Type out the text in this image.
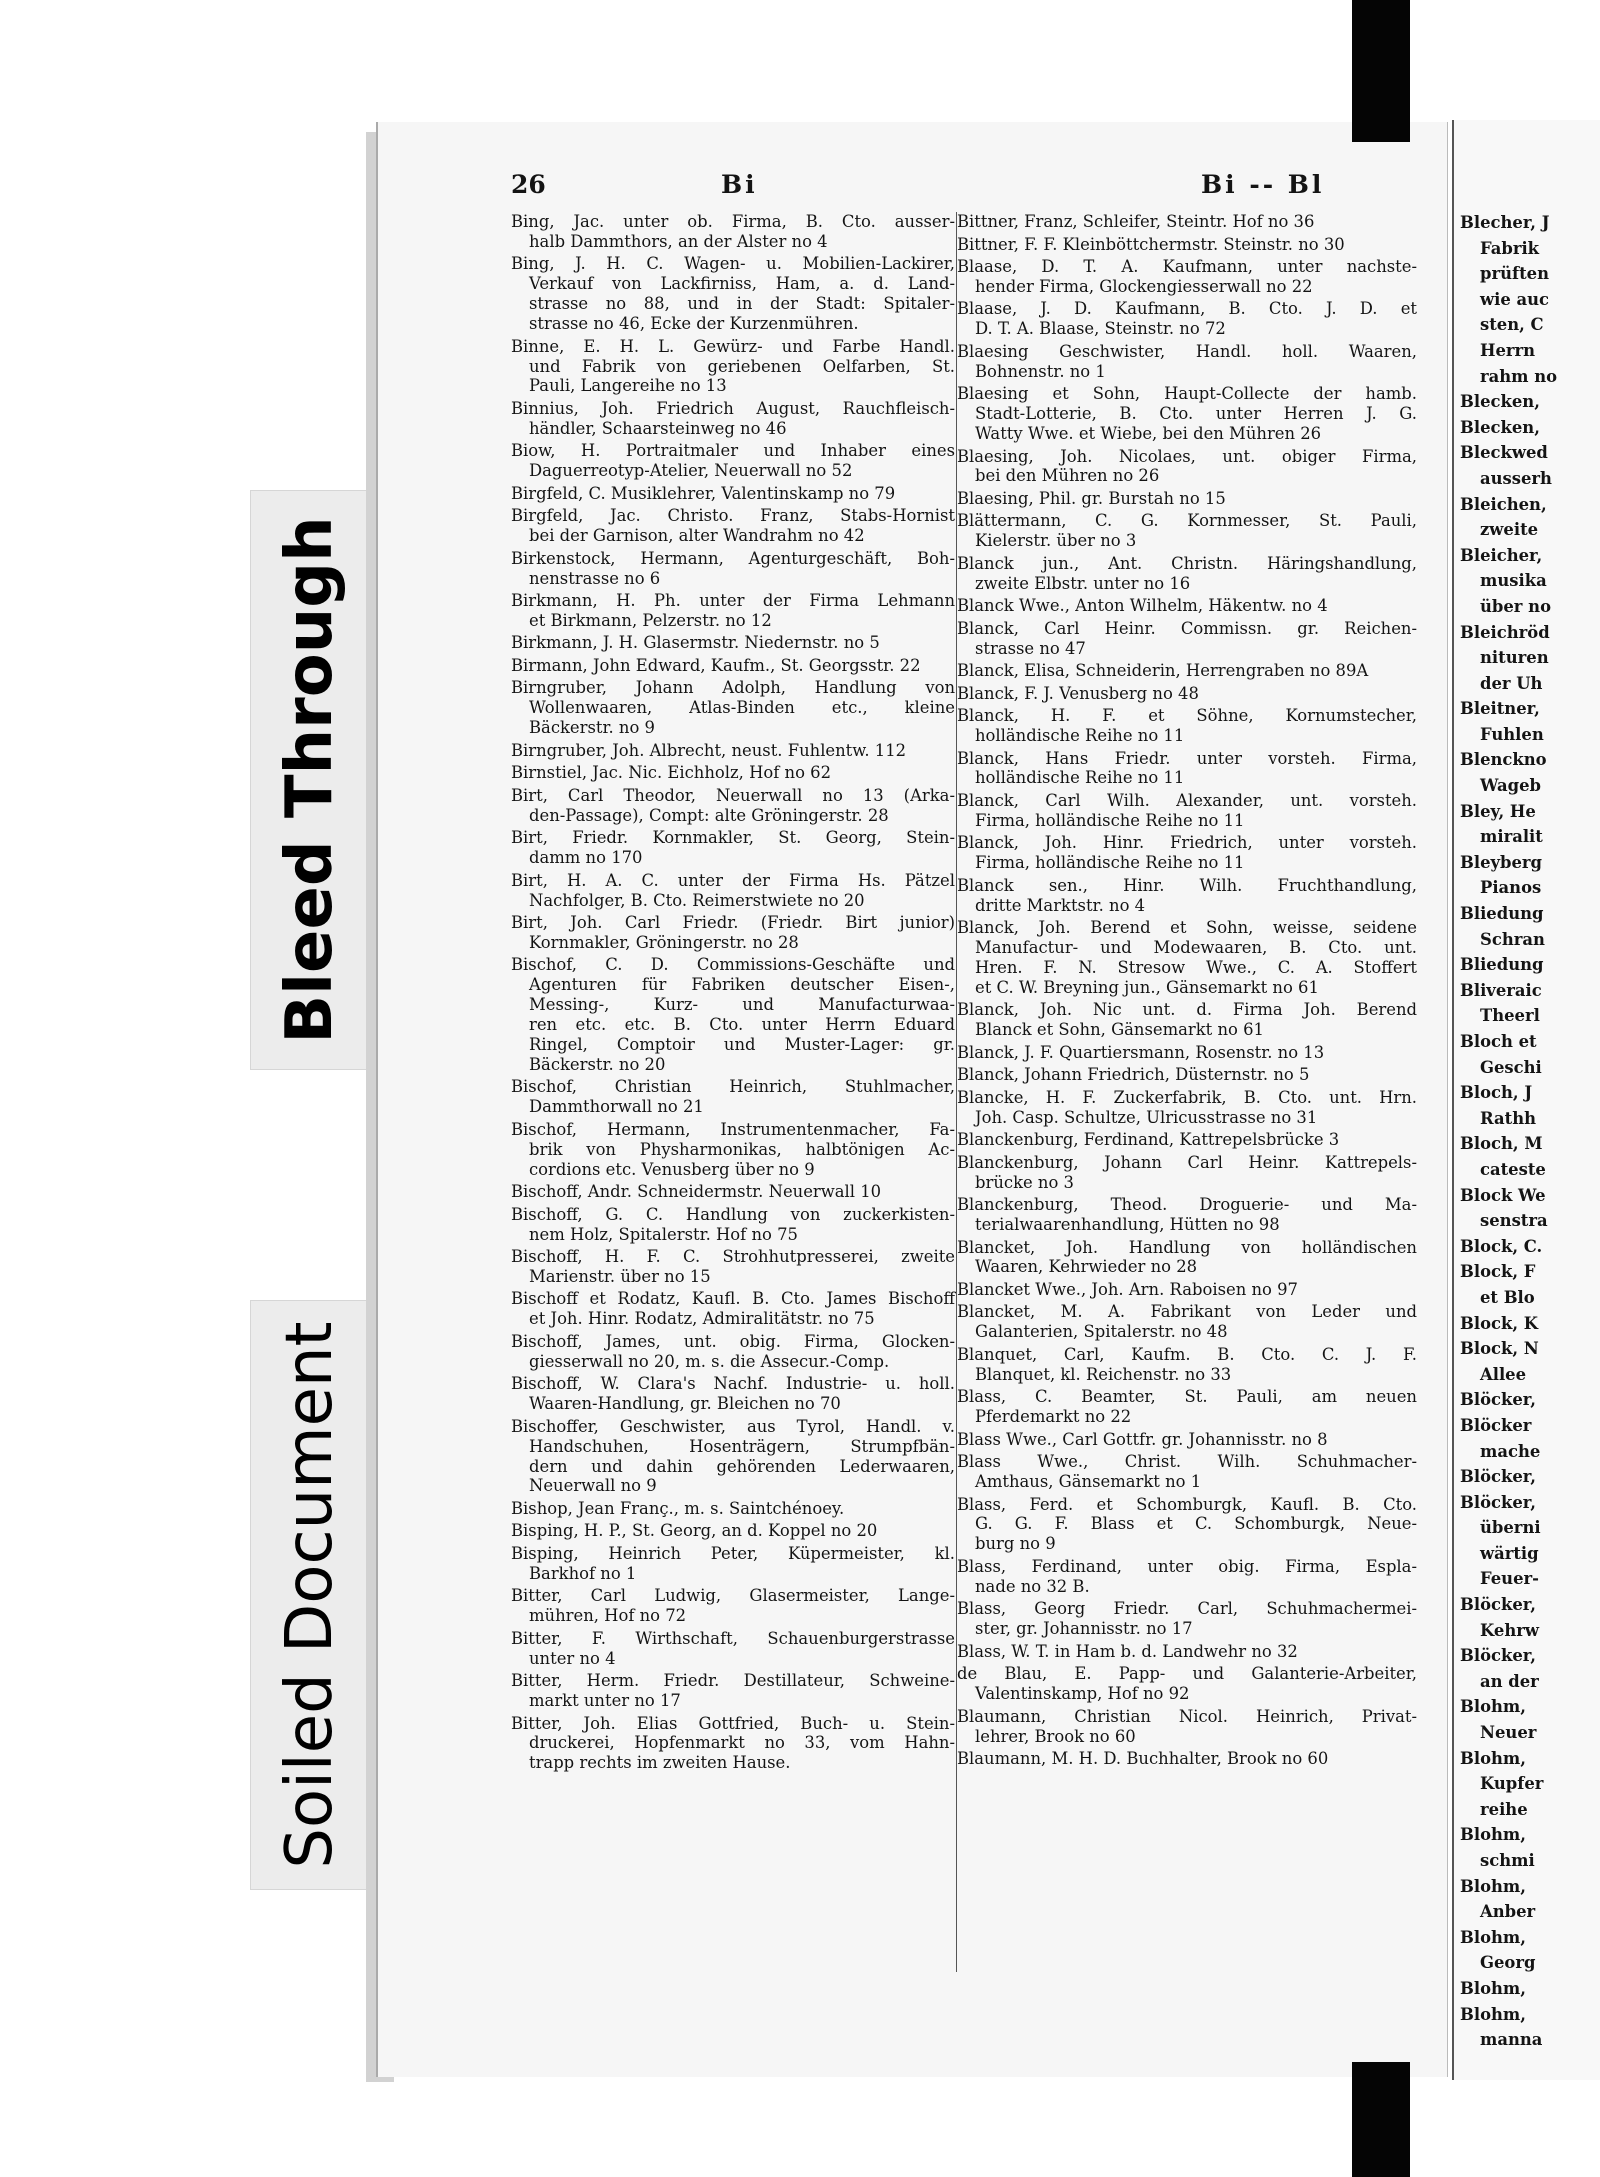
Bleed Through
Soiled Document
26	Bi	Bi -- Bl
Bing, Jac. unter ob. Firma, B. Cto. ausser-
halb Dammthors, an der Alster no 4
Bing, J. H. C. Wagen- u. Mobilien-Lackirer,
Verkauf von Lackfirniss, Ham, a. d. Land-
strasse no 88, und in der Stadt: Spitaler-
strasse no 46, Ecke der Kurzenmühren.
Binne, E. H. L. Gewürz- und Farbe Handl.
und Fabrik von geriebenen Oelfarben, St.
Pauli, Langereihe no 13
Binnius, Joh. Friedrich August, Rauchfleisch-
händler, Schaarsteinweg no 46
Biow, H. Portraitmaler und Inhaber eines
Daguerreotyp-Atelier, Neuerwall no 52
Birgfeld, C. Musiklehrer, Valentinskamp no 79
Birgfeld, Jac. Christo. Franz, Stabs-Hornist
bei der Garnison, alter Wandrahm no 42
Birkenstock, Hermann, Agenturgeschäft, Boh-
nenstrasse no 6
Birkmann, H. Ph. unter der Firma Lehmann
et Birkmann, Pelzerstr. no 12
Birkmann, J. H. Glasermstr. Niedernstr. no 5
Birmann, John Edward, Kaufm., St. Georgsstr. 22
Birngruber, Johann Adolph, Handlung von
Wollenwaaren, Atlas-Binden etc., kleine
Bäckerstr. no 9
Birngruber, Joh. Albrecht, neust. Fuhlentw. 112
Birnstiel, Jac. Nic. Eichholz, Hof no 62
Birt, Carl Theodor, Neuerwall no 13 (Arka-
den-Passage), Compt: alte Gröningerstr. 28
Birt, Friedr. Kornmakler, St. Georg, Stein-
damm no 170
Birt, H. A. C. unter der Firma Hs. Pätzel
Nachfolger, B. Cto. Reimerstwiete no 20
Birt, Joh. Carl Friedr. (Friedr. Birt junior)
Kornmakler, Gröningerstr. no 28
Bischof, C. D. Commissions-Geschäfte und
Agenturen für Fabriken deutscher Eisen-,
Messing-, Kurz- und Manufacturwaa-
ren etc. etc. B. Cto. unter Herrn Eduard
Ringel, Comptoir und Muster-Lager: gr.
Bäckerstr. no 20
Bischof, Christian Heinrich, Stuhlmacher,
Dammthorwall no 21
Bischof, Hermann, Instrumentenmacher, Fa-
brik von Physharmonikas, halbtönigen Ac-
cordions etc. Venusberg über no 9
Bischoff, Andr. Schneidermstr. Neuerwall 10
Bischoff, G. C. Handlung von zuckerkisten-
nem Holz, Spitalerstr. Hof no 75
Bischoff, H. F. C. Strohhutpresserei, zweite
Marienstr. über no 15
Bischoff et Rodatz, Kaufl. B. Cto. James Bischoff
et Joh. Hinr. Rodatz, Admiralitätstr. no 75
Bischoff, James, unt. obig. Firma, Glocken-
giesserwall no 20, m. s. die Assecur.-Comp.
Bischoff, W. Clara's Nachf. Industrie- u. holl.
Waaren-Handlung, gr. Bleichen no 70
Bischoffer, Geschwister, aus Tyrol, Handl. v.
Handschuhen, Hosenträgern, Strumpfbän-
dern und dahin gehörenden Lederwaaren,
Neuerwall no 9
Bishop, Jean Franç., m. s. Saintchénoey.
Bisping, H. P., St. Georg, an d. Koppel no 20
Bisping, Heinrich Peter, Küpermeister, kl.
Barkhof no 1
Bitter, Carl Ludwig, Glasermeister, Lange-
mühren, Hof no 72
Bitter, F. Wirthschaft, Schauenburgerstrasse
unter no 4
Bitter, Herm. Friedr. Destillateur, Schweine-
markt unter no 17
Bitter, Joh. Elias Gottfried, Buch- u. Stein-
druckerei, Hopfenmarkt no 33, vom Hahn-
trapp rechts im zweiten Hause.
Bittner, Franz, Schleifer, Steintr. Hof no 36
Bittner, F. F. Kleinböttchermstr. Steinstr. no 30
Blaase, D. T. A. Kaufmann, unter nachste-
hender Firma, Glockengiesserwall no 22
Blaase, J. D. Kaufmann, B. Cto. J. D. et
D. T. A. Blaase, Steinstr. no 72
Blaesing Geschwister, Handl. holl. Waaren,
Bohnenstr. no 1
Blaesing et Sohn, Haupt-Collecte der hamb.
Stadt-Lotterie, B. Cto. unter Herren J. G.
Watty Wwe. et Wiebe, bei den Mühren 26
Blaesing, Joh. Nicolaes, unt. obiger Firma,
bei den Mühren no 26
Blaesing, Phil. gr. Burstah no 15
Blättermann, C. G. Kornmesser, St. Pauli,
Kielerstr. über no 3
Blanck jun., Ant. Christn. Häringshandlung,
zweite Elbstr. unter no 16
Blanck Wwe., Anton Wilhelm, Häkentw. no 4
Blanck, Carl Heinr. Commissn. gr. Reichen-
strasse no 47
Blanck, Elisa, Schneiderin, Herrengraben no 89A
Blanck, F. J. Venusberg no 48
Blanck, H. F. et Söhne, Kornumstecher,
holländische Reihe no 11
Blanck, Hans Friedr. unter vorsteh. Firma,
holländische Reihe no 11
Blanck, Carl Wilh. Alexander, unt. vorsteh.
Firma, holländische Reihe no 11
Blanck, Joh. Hinr. Friedrich, unter vorsteh.
Firma, holländische Reihe no 11
Blanck sen., Hinr. Wilh. Fruchthandlung,
dritte Marktstr. no 4
Blanck, Joh. Berend et Sohn, weisse, seidene
Manufactur- und Modewaaren, B. Cto. unt.
Hren. F. N. Stresow Wwe., C. A. Stoffert
et C. W. Breyning jun., Gänsemarkt no 61
Blanck, Joh. Nic unt. d. Firma Joh. Berend
Blanck et Sohn, Gänsemarkt no 61
Blanck, J. F. Quartiersmann, Rosenstr. no 13
Blanck, Johann Friedrich, Düsternstr. no 5
Blancke, H. F. Zuckerfabrik, B. Cto. unt. Hrn.
Joh. Casp. Schultze, Ulricusstrasse no 31
Blanckenburg, Ferdinand, Kattrepelsbrücke 3
Blanckenburg, Johann Carl Heinr. Kattrepels-
brücke no 3
Blanckenburg, Theod. Droguerie- und Ma-
terialwaarenhandlung, Hütten no 98
Blancket, Joh. Handlung von holländischen
Waaren, Kehrwieder no 28
Blancket Wwe., Joh. Arn. Raboisen no 97
Blancket, M. A. Fabrikant von Leder und
Galanterien, Spitalerstr. no 48
Blanquet, Carl, Kaufm. B. Cto. C. J. F.
Blanquet, kl. Reichenstr. no 33
Blass, C. Beamter, St. Pauli, am neuen
Pferdemarkt no 22
Blass Wwe., Carl Gottfr. gr. Johannisstr. no 8
Blass Wwe., Christ. Wilh. Schuhmacher-
Amthaus, Gänsemarkt no 1
Blass, Ferd. et Schomburgk, Kaufl. B. Cto.
G. G. F. Blass et C. Schomburgk, Neue-
burg no 9
Blass, Ferdinand, unter obig. Firma, Espla-
nade no 32 B.
Blass, Georg Friedr. Carl, Schuhmachermei-
ster, gr. Johannisstr. no 17
Blass, W. T. in Ham b. d. Landwehr no 32
de Blau, E. Papp- und Galanterie-Arbeiter,
Valentinskamp, Hof no 92
Blaumann, Christian Nicol. Heinrich, Privat-
lehrer, Brook no 60
Blaumann, M. H. D. Buchhalter, Brook no 60
Blecher, J
Fabrik
prüften
wie auc
sten, C
Herrn
rahm no
Blecken,
Blecken,
Bleckwed
ausserh
Bleichen,
zweite
Bleicher,
musika
über no
Bleichröd
nituren
der Uh
Bleitner,
Fuhlen
Blenckno
Wageb
Bley, He
miralit
Bleyberg
Pianos
Bliedung
Schran
Bliedung
Bliveraic
Theerl
Bloch et
Geschi
Bloch, J
Rathh
Bloch, M
cateste
Block We
senstra
Block, C.
Block, F
et Blo
Block, K
Block, N
Allee
Blöcker,
Blöcker
mache
Blöcker,
Blöcker,
überni
wärtig
Feuer-
Blöcker,
Kehrw
Blöcker,
an der
Blohm,
Neuer
Blohm,
Kupfer
reihe
Blohm,
schmi
Blohm,
Anber
Blohm,
Georg
Blohm,
Blohm,
manna
